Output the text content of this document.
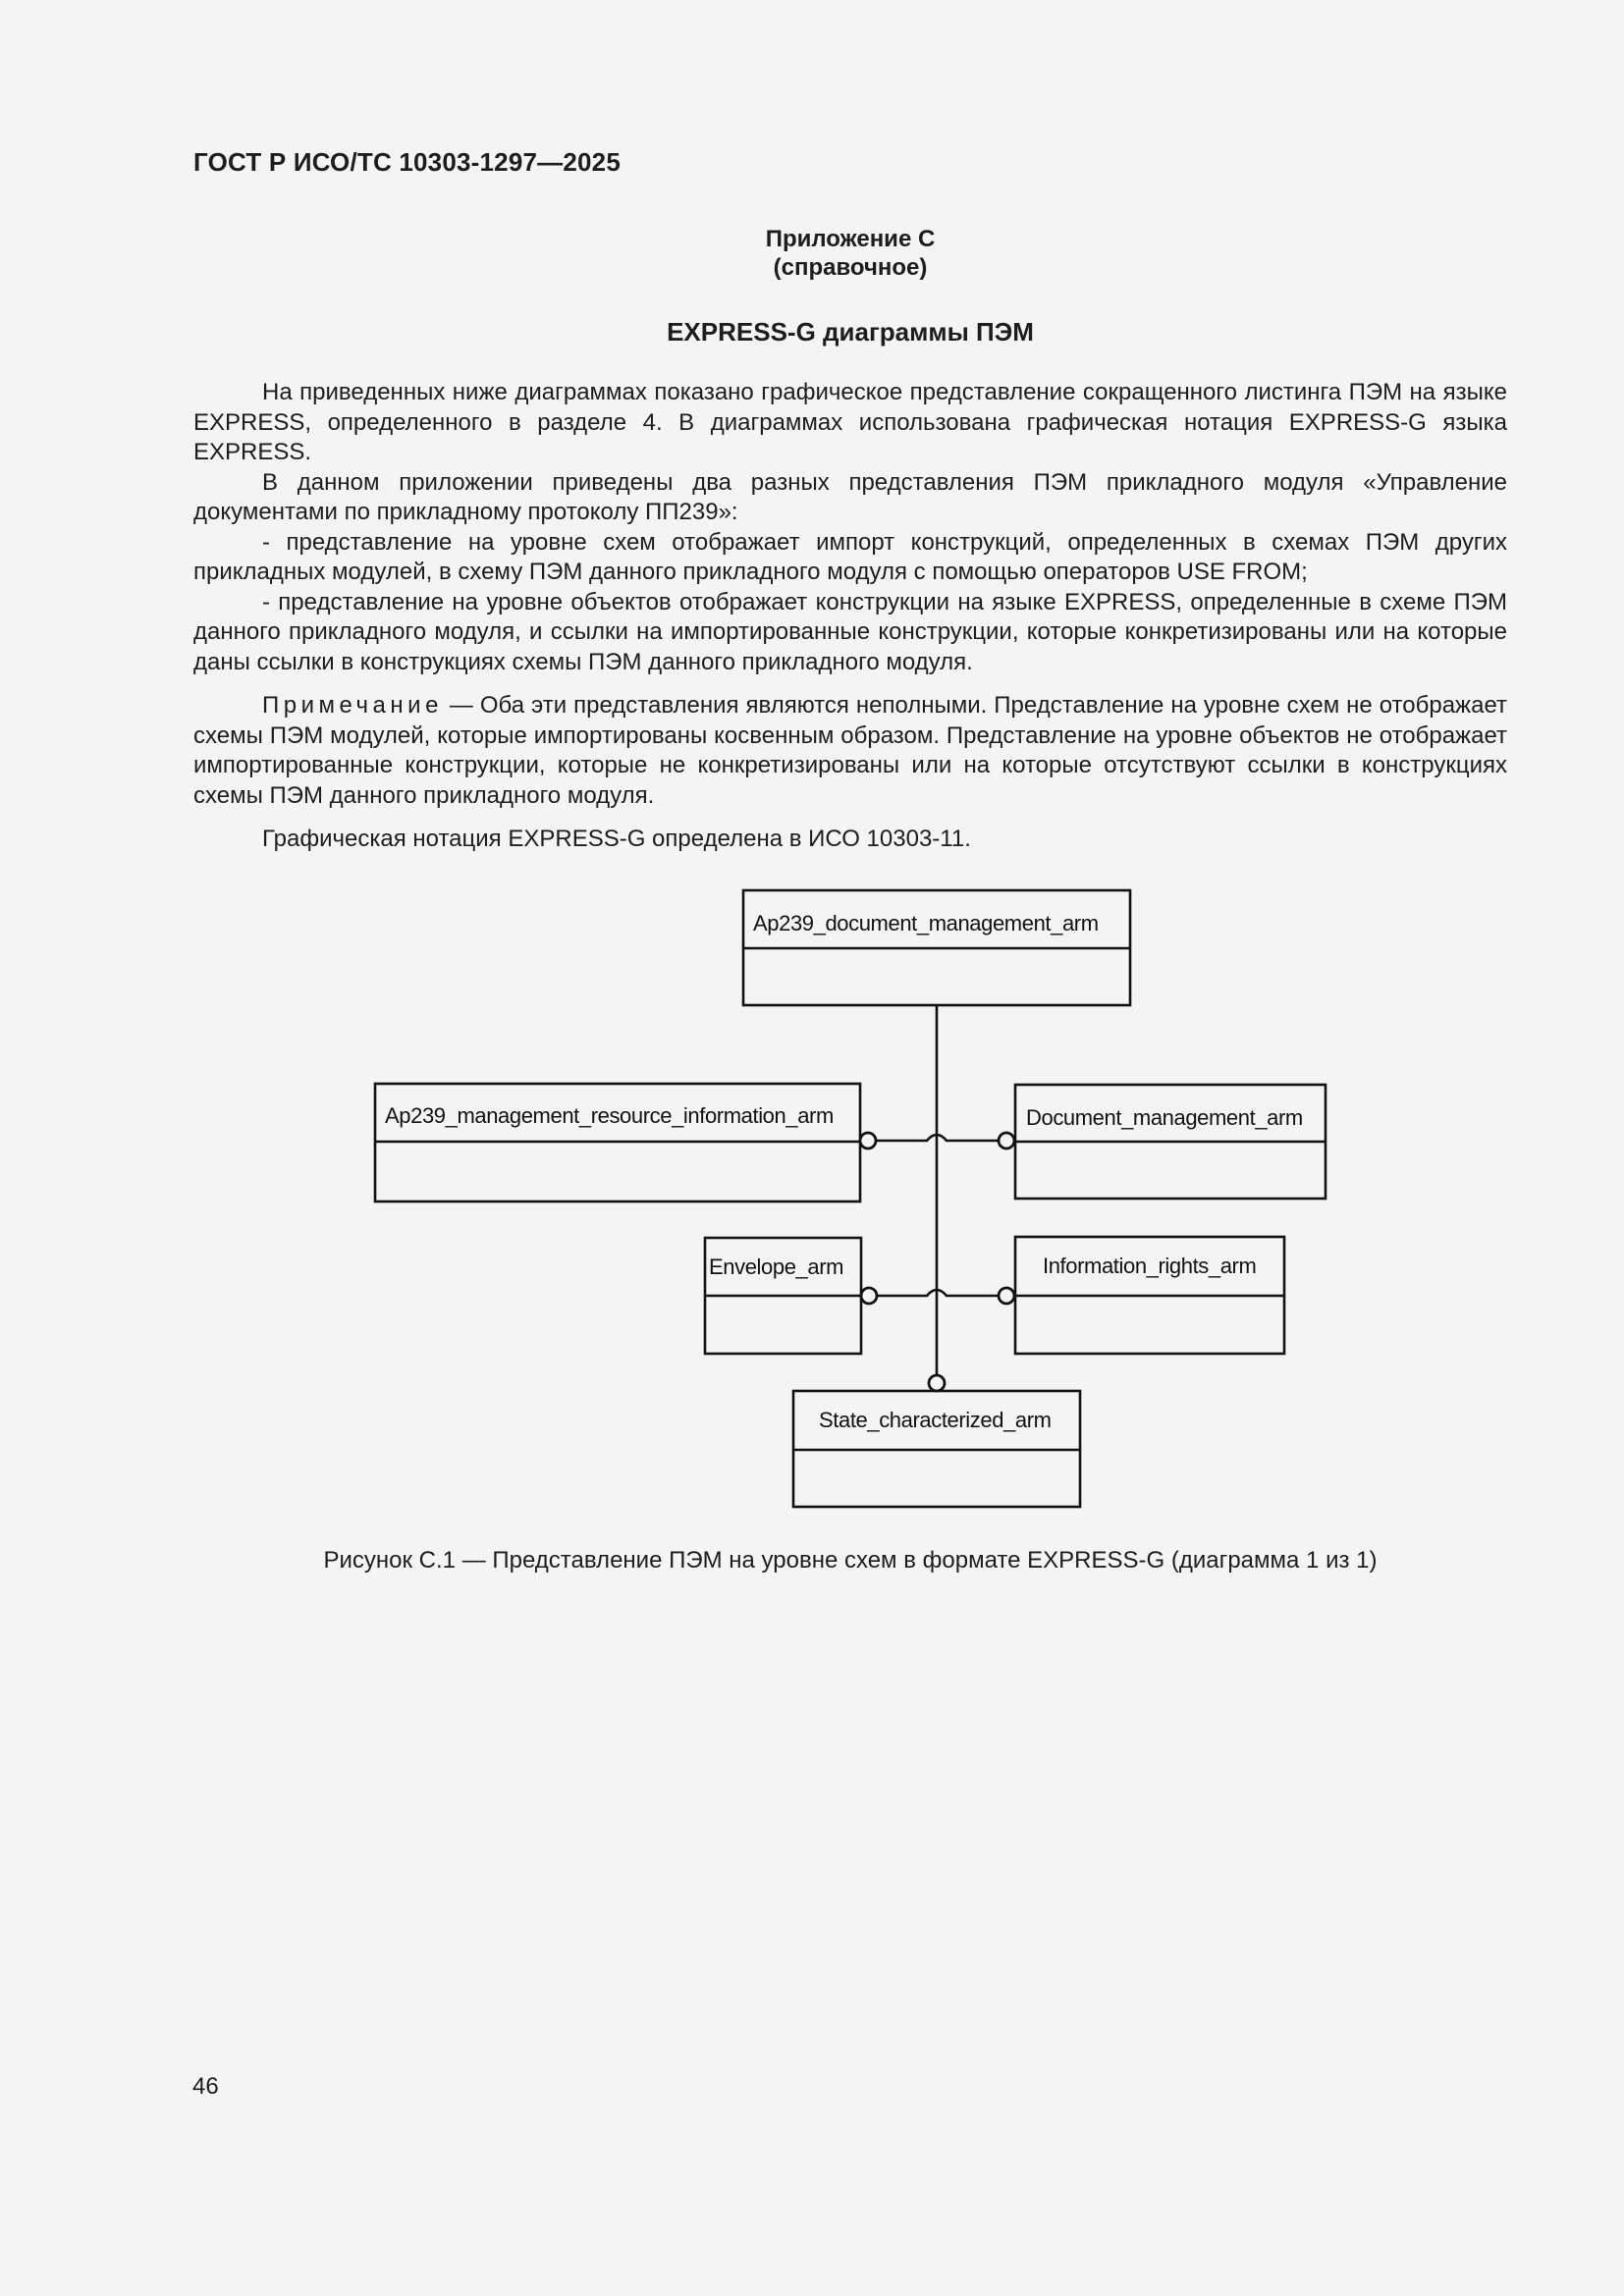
ГОСТ Р ИСО/ТС 10303-1297—2025
Приложение С
(справочное)
EXPRESS-G диаграммы ПЭМ

На приведенных ниже диаграммах показано графическое представление сокращенного листинга ПЭМ на языке EXPRESS, определенного в разделе 4. В диаграммах использована графическая нотация EXPRESS-G языка EXPRESS.

В данном приложении приведены два разных представления ПЭМ прикладного модуля «Управление документами по прикладному протоколу ПП239»:

- представление на уровне схем отображает импорт конструкций, определенных в схемах ПЭМ других прикладных модулей, в схему ПЭМ данного прикладного модуля с помощью операторов USE FROM;

- представление на уровне объектов отображает конструкции на языке EXPRESS, определенные в схеме ПЭМ данного прикладного модуля, и ссылки на импортированные конструкции, которые конкретизированы или на которые даны ссылки в конструкциях схемы ПЭМ данного прикладного модуля.

Примечание — Оба эти представления являются неполными. Представление на уровне схем не отображает схемы ПЭМ модулей, которые импортированы косвенным образом. Представление на уровне объектов не отображает импортированные конструкции, которые не конкретизированы или на которые отсутствуют ссылки в конструкциях схемы ПЭМ данного прикладного модуля.

Графическая нотация EXPRESS-G определена в ИСО 10303-11.

Ap239_document_management_arm
Ap239_management_resource_information_arm	Document_management_arm
Envelope_arm	Information_rights_arm
State_characterized_arm
Рисунок С.1 — Представление ПЭМ на уровне схем в формате EXPRESS-G (диаграмма 1 из 1)
46
